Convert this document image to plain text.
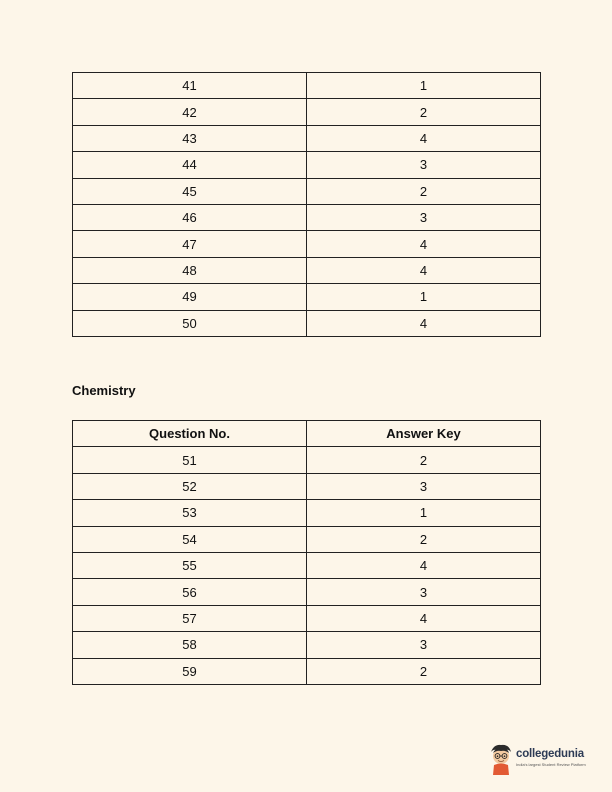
41	1
42	2
43	4
44	3
45	2
46	3
47	4
48	4
49	1
50	4
Chemistry
Question No.	Answer Key
51	2
52	3
53	1
54	2
55	4
56	3
57	4
58	3
59	2
collegedunia
India's largest Student Review Platform
